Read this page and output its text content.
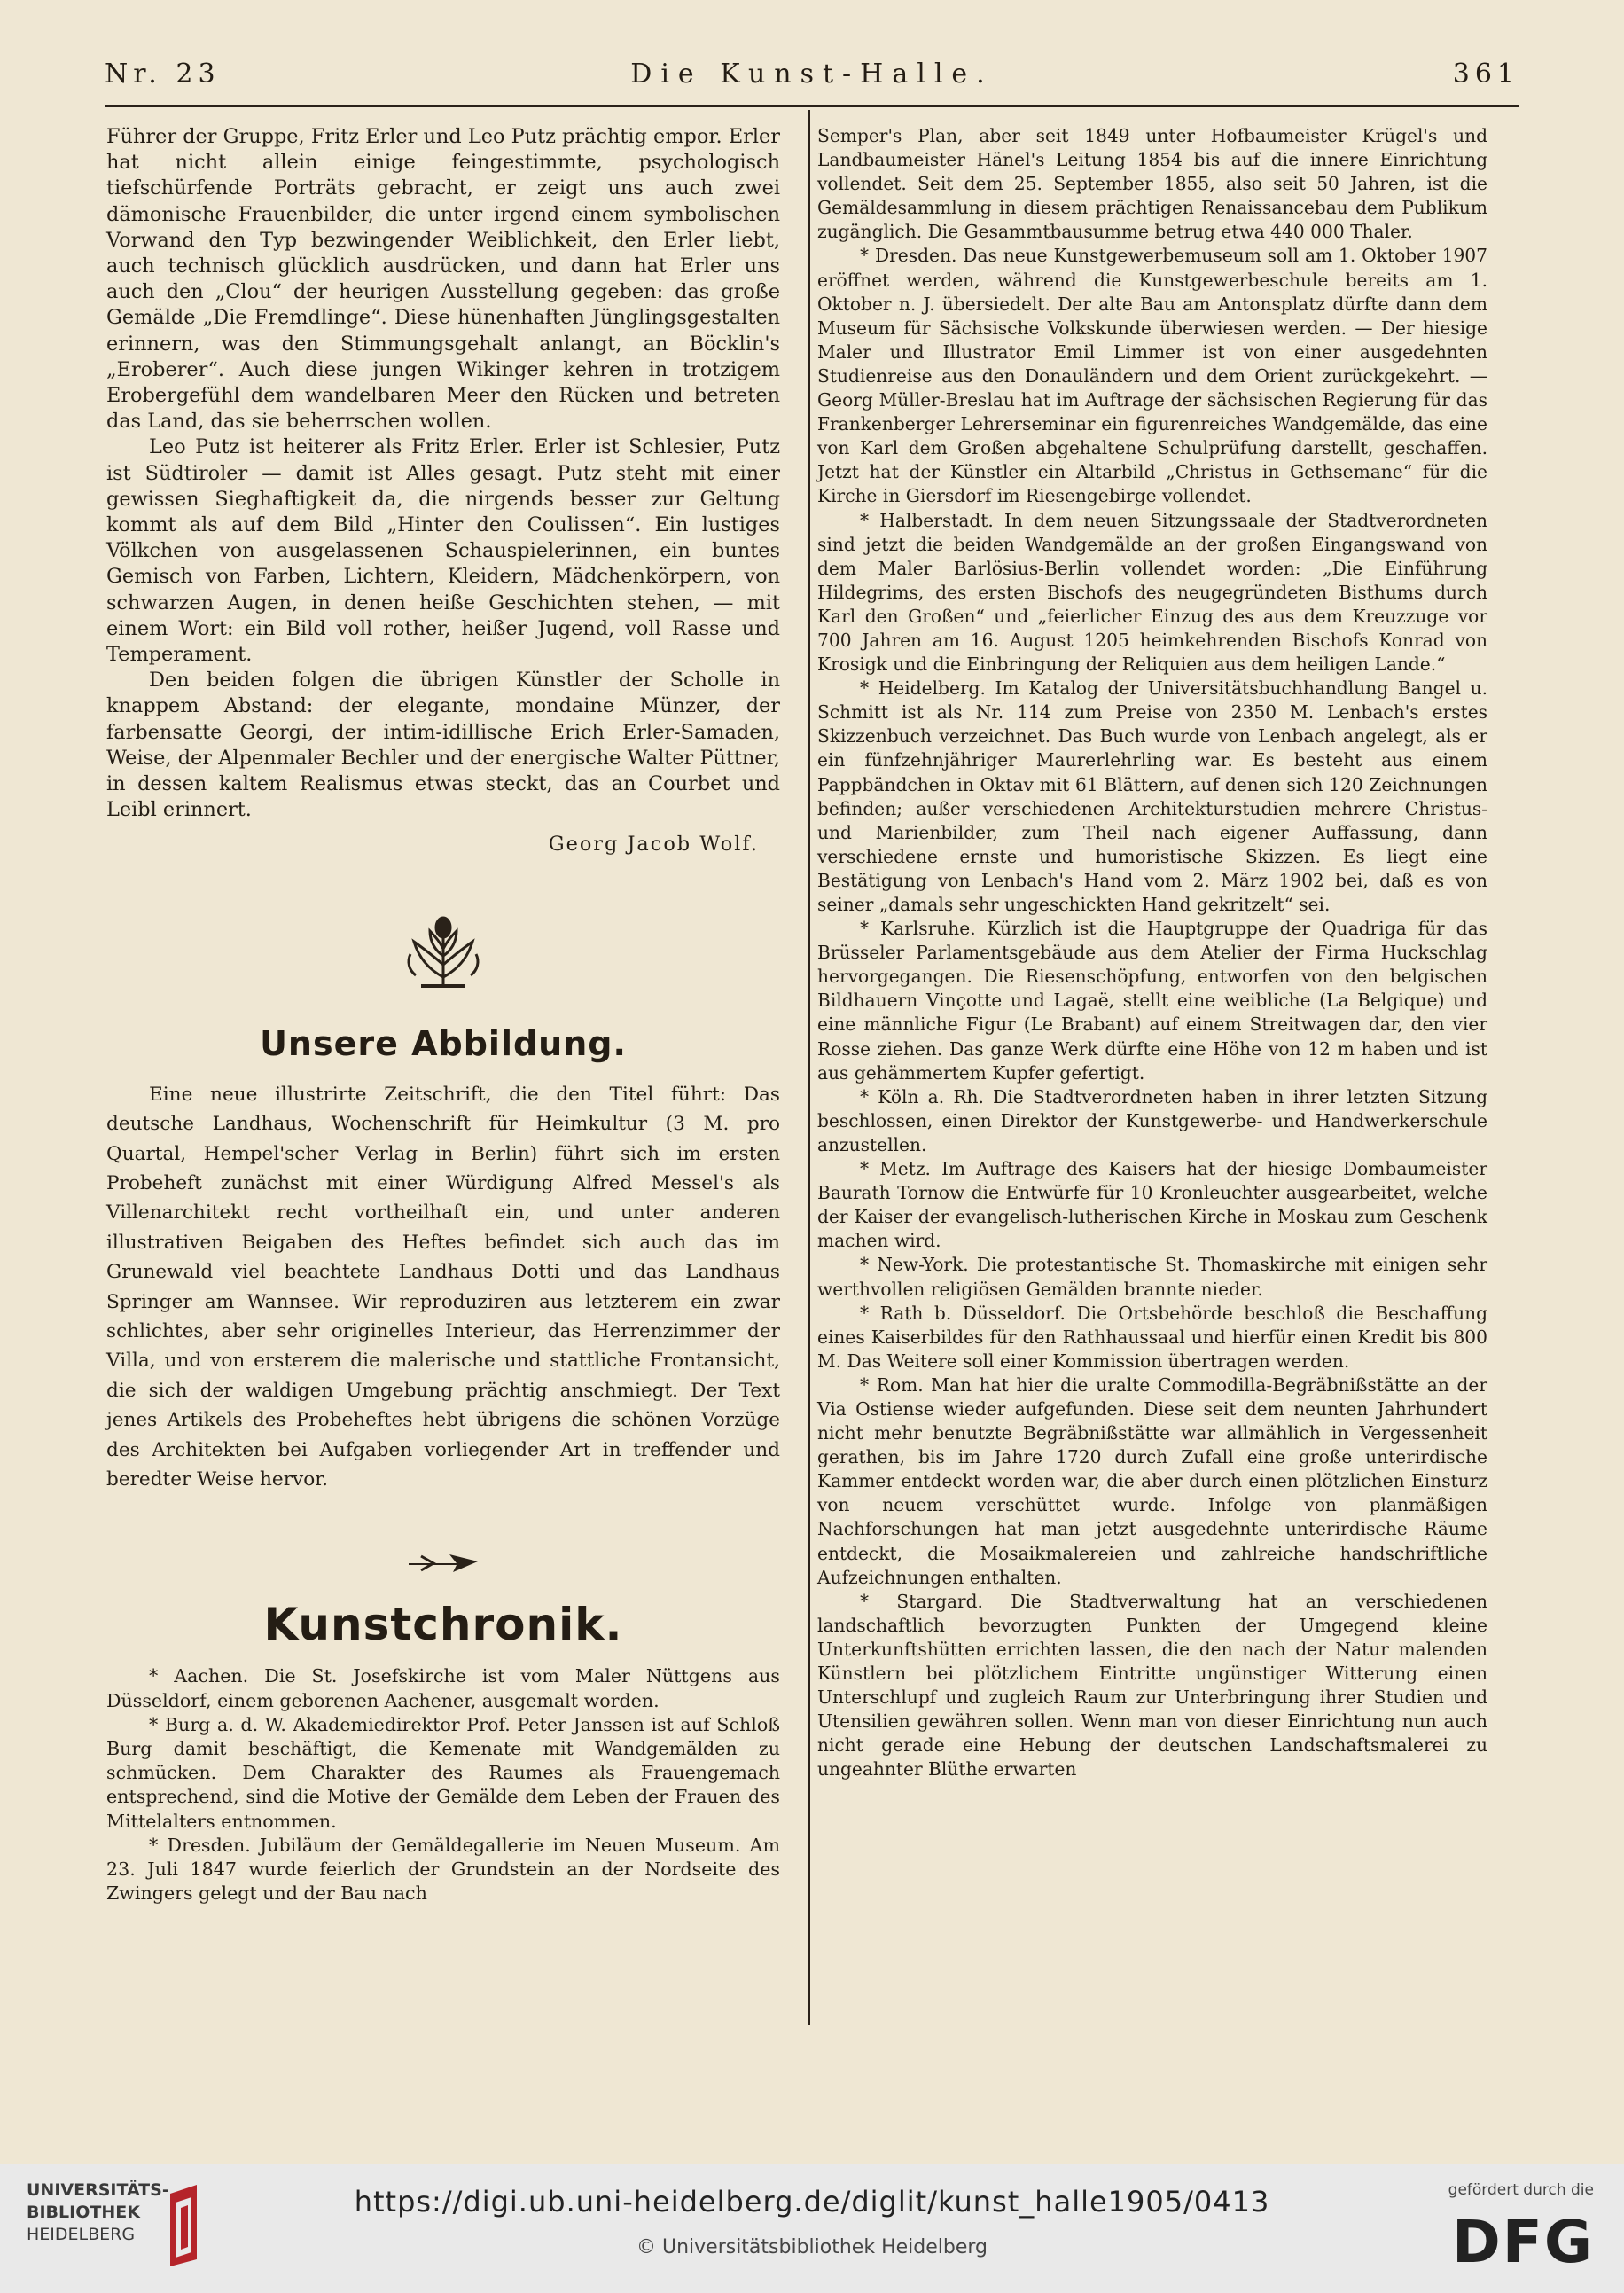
Nr. 23	Die Kunst-Halle.	361

Führer der Gruppe, Fritz Erler und Leo Putz prächtig empor. Erler hat nicht allein einige feingestimmte, psychologisch tiefschürfende Porträts gebracht, er zeigt uns auch zwei dämonische Frauenbilder, die unter irgend einem symbolischen Vorwand den Typ bezwingender Weiblichkeit, den Erler liebt, auch technisch glücklich ausdrücken, und dann hat Erler uns auch den „Clou“ der heurigen Ausstellung gegeben: das große Gemälde „Die Fremdlinge“. Diese hünenhaften Jünglingsgestalten erinnern, was den Stimmungsgehalt anlangt, an Böcklin's „Eroberer“. Auch diese jungen Wikinger kehren in trotzigem Erobergefühl dem wandelbaren Meer den Rücken und betreten das Land, das sie beherrschen wollen.

Leo Putz ist heiterer als Fritz Erler. Erler ist Schlesier, Putz ist Südtiroler — damit ist Alles gesagt. Putz steht mit einer gewissen Sieghaftigkeit da, die nirgends besser zur Geltung kommt als auf dem Bild „Hinter den Coulissen“. Ein lustiges Völkchen von ausgelassenen Schauspielerinnen, ein buntes Gemisch von Farben, Lichtern, Kleidern, Mädchenkörpern, von schwarzen Augen, in denen heiße Geschichten stehen, — mit einem Wort: ein Bild voll rother, heißer Jugend, voll Rasse und Temperament.

Den beiden folgen die übrigen Künstler der Scholle in knappem Abstand: der elegante, mondaine Münzer, der farbensatte Georgi, der intim-idillische Erich Erler-Samaden, Weise, der Alpenmaler Bechler und der energische Walter Püttner, in dessen kaltem Realismus etwas steckt, das an Courbet und Leibl erinnert.

Georg Jacob Wolf.
Unsere Abbildung.

Eine neue illustrirte Zeitschrift, die den Titel führt: Das deutsche Landhaus, Wochenschrift für Heimkultur (3 M. pro Quartal, Hempel'scher Verlag in Berlin) führt sich im ersten Probeheft zunächst mit einer Würdigung Alfred Messel's als Villenarchitekt recht vortheilhaft ein, und unter anderen illustrativen Beigaben des Heftes befindet sich auch das im Grunewald viel beachtete Landhaus Dotti und das Landhaus Springer am Wannsee. Wir reproduziren aus letzterem ein zwar schlichtes, aber sehr originelles Interieur, das Herrenzimmer der Villa, und von ersterem die malerische und stattliche Frontansicht, die sich der waldigen Umgebung prächtig anschmiegt. Der Text jenes Artikels des Probeheftes hebt übrigens die schönen Vorzüge des Architekten bei Aufgaben vorliegender Art in treffender und beredter Weise hervor.

Kunstchronik.

* Aachen. Die St. Josefskirche ist vom Maler Nüttgens aus Düsseldorf, einem geborenen Aachener, ausgemalt worden.

* Burg a. d. W. Akademiedirektor Prof. Peter Janssen ist auf Schloß Burg damit beschäftigt, die Kemenate mit Wandgemälden zu schmücken. Dem Charakter des Raumes als Frauengemach entsprechend, sind die Motive der Gemälde dem Leben der Frauen des Mittelalters entnommen.

* Dresden. Jubiläum der Gemäldegallerie im Neuen Museum. Am 23. Juli 1847 wurde feierlich der Grundstein an der Nordseite des Zwingers gelegt und der Bau nach

Semper's Plan, aber seit 1849 unter Hofbaumeister Krügel's und Landbaumeister Hänel's Leitung 1854 bis auf die innere Einrichtung vollendet. Seit dem 25. September 1855, also seit 50 Jahren, ist die Gemäldesammlung in diesem prächtigen Renaissancebau dem Publikum zugänglich. Die Gesammtbausumme betrug etwa 440 000 Thaler.

* Dresden. Das neue Kunstgewerbemuseum soll am 1. Oktober 1907 eröffnet werden, während die Kunstgewerbeschule bereits am 1. Oktober n. J. übersiedelt. Der alte Bau am Antonsplatz dürfte dann dem Museum für Sächsische Volkskunde überwiesen werden. — Der hiesige Maler und Illustrator Emil Limmer ist von einer ausgedehnten Studienreise aus den Donauländern und dem Orient zurückgekehrt. — Georg Müller-Breslau hat im Auftrage der sächsischen Regierung für das Frankenberger Lehrerseminar ein figurenreiches Wandgemälde, das eine von Karl dem Großen abgehaltene Schulprüfung darstellt, geschaffen. Jetzt hat der Künstler ein Altarbild „Christus in Gethsemane“ für die Kirche in Giersdorf im Riesengebirge vollendet.

* Halberstadt. In dem neuen Sitzungssaale der Stadtverordneten sind jetzt die beiden Wandgemälde an der großen Eingangswand von dem Maler Barlösius-Berlin vollendet worden: „Die Einführung Hildegrims, des ersten Bischofs des neugegründeten Bisthums durch Karl den Großen“ und „feierlicher Einzug des aus dem Kreuzzuge vor 700 Jahren am 16. August 1205 heimkehrenden Bischofs Konrad von Krosigk und die Einbringung der Reliquien aus dem heiligen Lande.“

* Heidelberg. Im Katalog der Universitätsbuchhandlung Bangel u. Schmitt ist als Nr. 114 zum Preise von 2350 M. Lenbach's erstes Skizzenbuch verzeichnet. Das Buch wurde von Lenbach angelegt, als er ein fünfzehnjähriger Maurerlehrling war. Es besteht aus einem Pappbändchen in Oktav mit 61 Blättern, auf denen sich 120 Zeichnungen befinden; außer verschiedenen Architekturstudien mehrere Christus- und Marienbilder, zum Theil nach eigener Auffassung, dann verschiedene ernste und humoristische Skizzen. Es liegt eine Bestätigung von Lenbach's Hand vom 2. März 1902 bei, daß es von seiner „damals sehr ungeschickten Hand gekritzelt“ sei.

* Karlsruhe. Kürzlich ist die Hauptgruppe der Quadriga für das Brüsseler Parlamentsgebäude aus dem Atelier der Firma Huckschlag hervorgegangen. Die Riesenschöpfung, entworfen von den belgischen Bildhauern Vinçotte und Lagaë, stellt eine weibliche (La Belgique) und eine männliche Figur (Le Brabant) auf einem Streitwagen dar, den vier Rosse ziehen. Das ganze Werk dürfte eine Höhe von 12 m haben und ist aus gehämmertem Kupfer gefertigt.

* Köln a. Rh. Die Stadtverordneten haben in ihrer letzten Sitzung beschlossen, einen Direktor der Kunstgewerbe- und Handwerkerschule anzustellen.

* Metz. Im Auftrage des Kaisers hat der hiesige Dombaumeister Baurath Tornow die Entwürfe für 10 Kronleuchter ausgearbeitet, welche der Kaiser der evangelisch-lutherischen Kirche in Moskau zum Geschenk machen wird.

* New-York. Die protestantische St. Thomaskirche mit einigen sehr werthvollen religiösen Gemälden brannte nieder.

* Rath b. Düsseldorf. Die Ortsbehörde beschloß die Beschaffung eines Kaiserbildes für den Rathhaussaal und hierfür einen Kredit bis 800 M. Das Weitere soll einer Kommission übertragen werden.

* Rom. Man hat hier die uralte Commodilla-Begräbnißstätte an der Via Ostiense wieder aufgefunden. Diese seit dem neunten Jahrhundert nicht mehr benutzte Begräbnißstätte war allmählich in Vergessenheit gerathen, bis im Jahre 1720 durch Zufall eine große unterirdische Kammer entdeckt worden war, die aber durch einen plötzlichen Einsturz von neuem verschüttet wurde. Infolge von planmäßigen Nachforschungen hat man jetzt ausgedehnte unterirdische Räume entdeckt, die Mosaikmalereien und zahlreiche handschriftliche Aufzeichnungen enthalten.

* Stargard. Die Stadtverwaltung hat an verschiedenen landschaftlich bevorzugten Punkten der Umgegend kleine Unterkunftshütten errichten lassen, die den nach der Natur malenden Künstlern bei plötzlichem Eintritte ungünstiger Witterung einen Unterschlupf und zugleich Raum zur Unterbringung ihrer Studien und Utensilien gewähren sollen. Wenn man von dieser Einrichtung nun auch nicht gerade eine Hebung der deutschen Landschaftsmalerei zu ungeahnter Blüthe erwarten

UNIVERSITÄTS-
BIBLIOTHEK
HEIDELBERG
https://digi.ub.uni-heidelberg.de/diglit/kunst_halle1905/0413
© Universitätsbibliothek Heidelberg
gefördert durch die
DFG
